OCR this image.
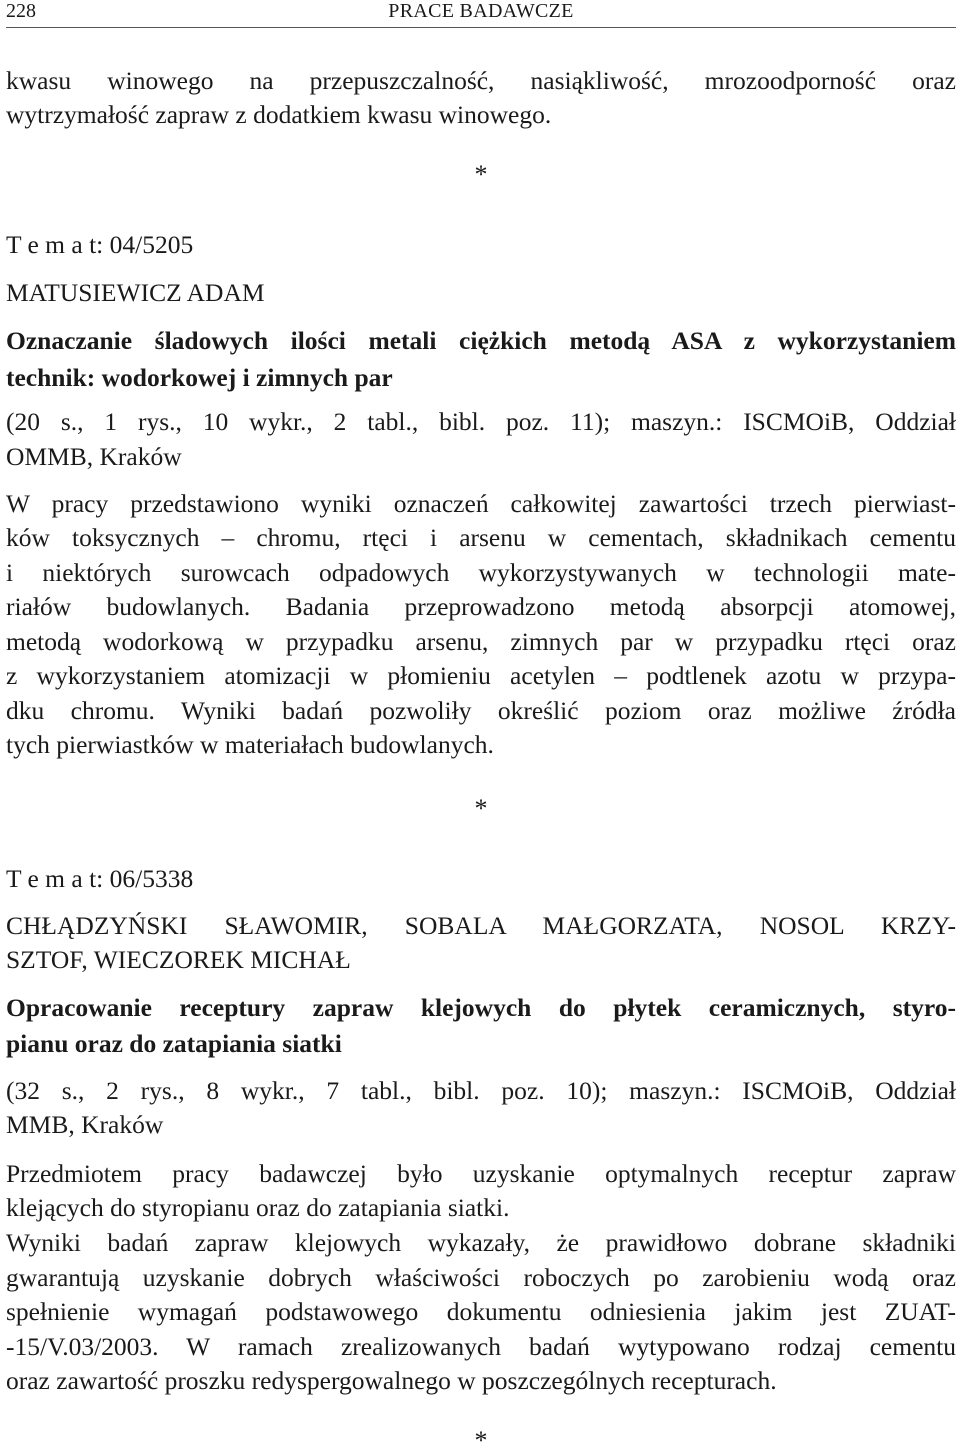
228	PRACE BADAWCZE
kwasu winowego na przepuszczalność, nasiąkliwość, mrozoodporność oraz
wytrzymałość zapraw z dodatkiem kwasu winowego.
*
T e m a t: 04/5205
MATUSIEWICZ ADAM
Oznaczanie śladowych ilości metali ciężkich metodą ASA z wykorzystaniem
technik: wodorkowej i zimnych par
(20 s., 1 rys., 10 wykr., 2 tabl., bibl. poz. 11); maszyn.: ISCMOiB, Oddział
OMMB, Kraków
W pracy przedstawiono wyniki oznaczeń całkowitej zawartości trzech pierwiast-
ków toksycznych – chromu, rtęci i arsenu w cementach, składnikach cementu
i niektórych surowcach odpadowych wykorzystywanych w technologii mate-
riałów budowlanych. Badania przeprowadzono metodą absorpcji atomowej,
metodą wodorkową w przypadku arsenu, zimnych par w przypadku rtęci oraz
z wykorzystaniem atomizacji w płomieniu acetylen – podtlenek azotu w przypa-
dku chromu. Wyniki badań pozwoliły określić poziom oraz możliwe źródła
tych pierwiastków w materiałach budowlanych.
*
T e m a t: 06/5338
CHŁĄDZYŃSKI SŁAWOMIR, SOBALA MAŁGORZATA, NOSOL KRZY-
SZTOF, WIECZOREK MICHAŁ
Opracowanie receptury zapraw klejowych do płytek ceramicznych, styro-
pianu oraz do zatapiania siatki
(32 s., 2 rys., 8 wykr., 7 tabl., bibl. poz. 10); maszyn.: ISCMOiB, Oddział
MMB, Kraków
Przedmiotem pracy badawczej było uzyskanie optymalnych receptur zapraw
klejących do styropianu oraz do zatapiania siatki.
Wyniki badań zapraw klejowych wykazały, że prawidłowo dobrane składniki
gwarantują uzyskanie dobrych właściwości roboczych po zarobieniu wodą oraz
spełnienie wymagań podstawowego dokumentu odniesienia jakim jest ZUAT-
-15/V.03/2003. W ramach zrealizowanych badań wytypowano rodzaj cementu
oraz zawartość proszku redyspergowalnego w poszczególnych recepturach.
*
